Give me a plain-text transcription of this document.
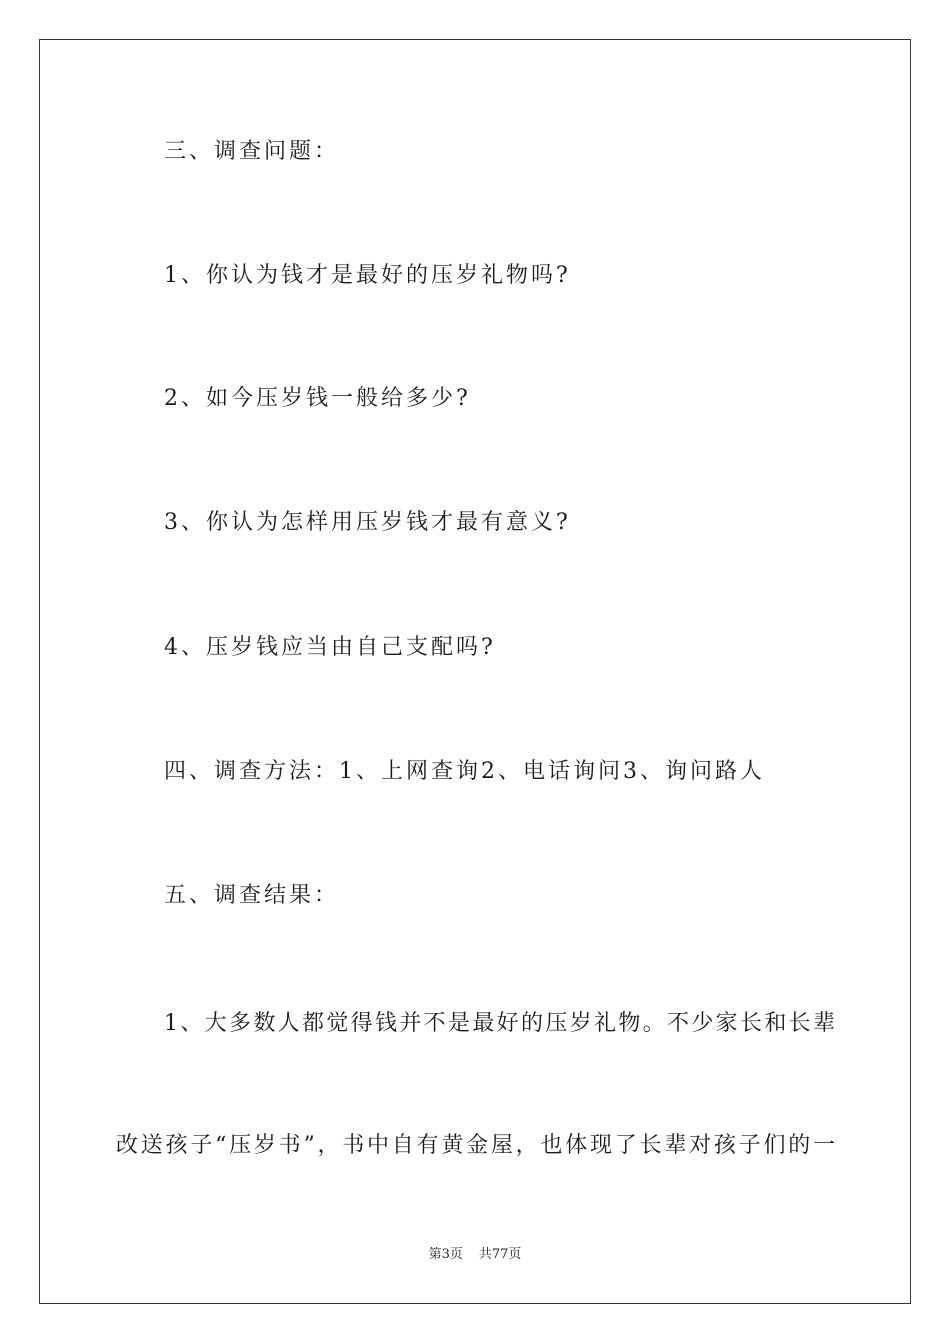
三、调查问题：
1、你认为钱才是最好的压岁礼物吗?
2、如今压岁钱一般给多少?
3、你认为怎样用压岁钱才最有意义?
4、压岁钱应当由自己支配吗?
四、调查方法：1、上网查询2、电话询问3、询问路人
五、调查结果：
1、大多数人都觉得钱并不是最好的压岁礼物。不少家长和长辈
改送孩子“压岁书”，书中自有黄金屋，也体现了长辈对孩子们的一
第3页 共77页
